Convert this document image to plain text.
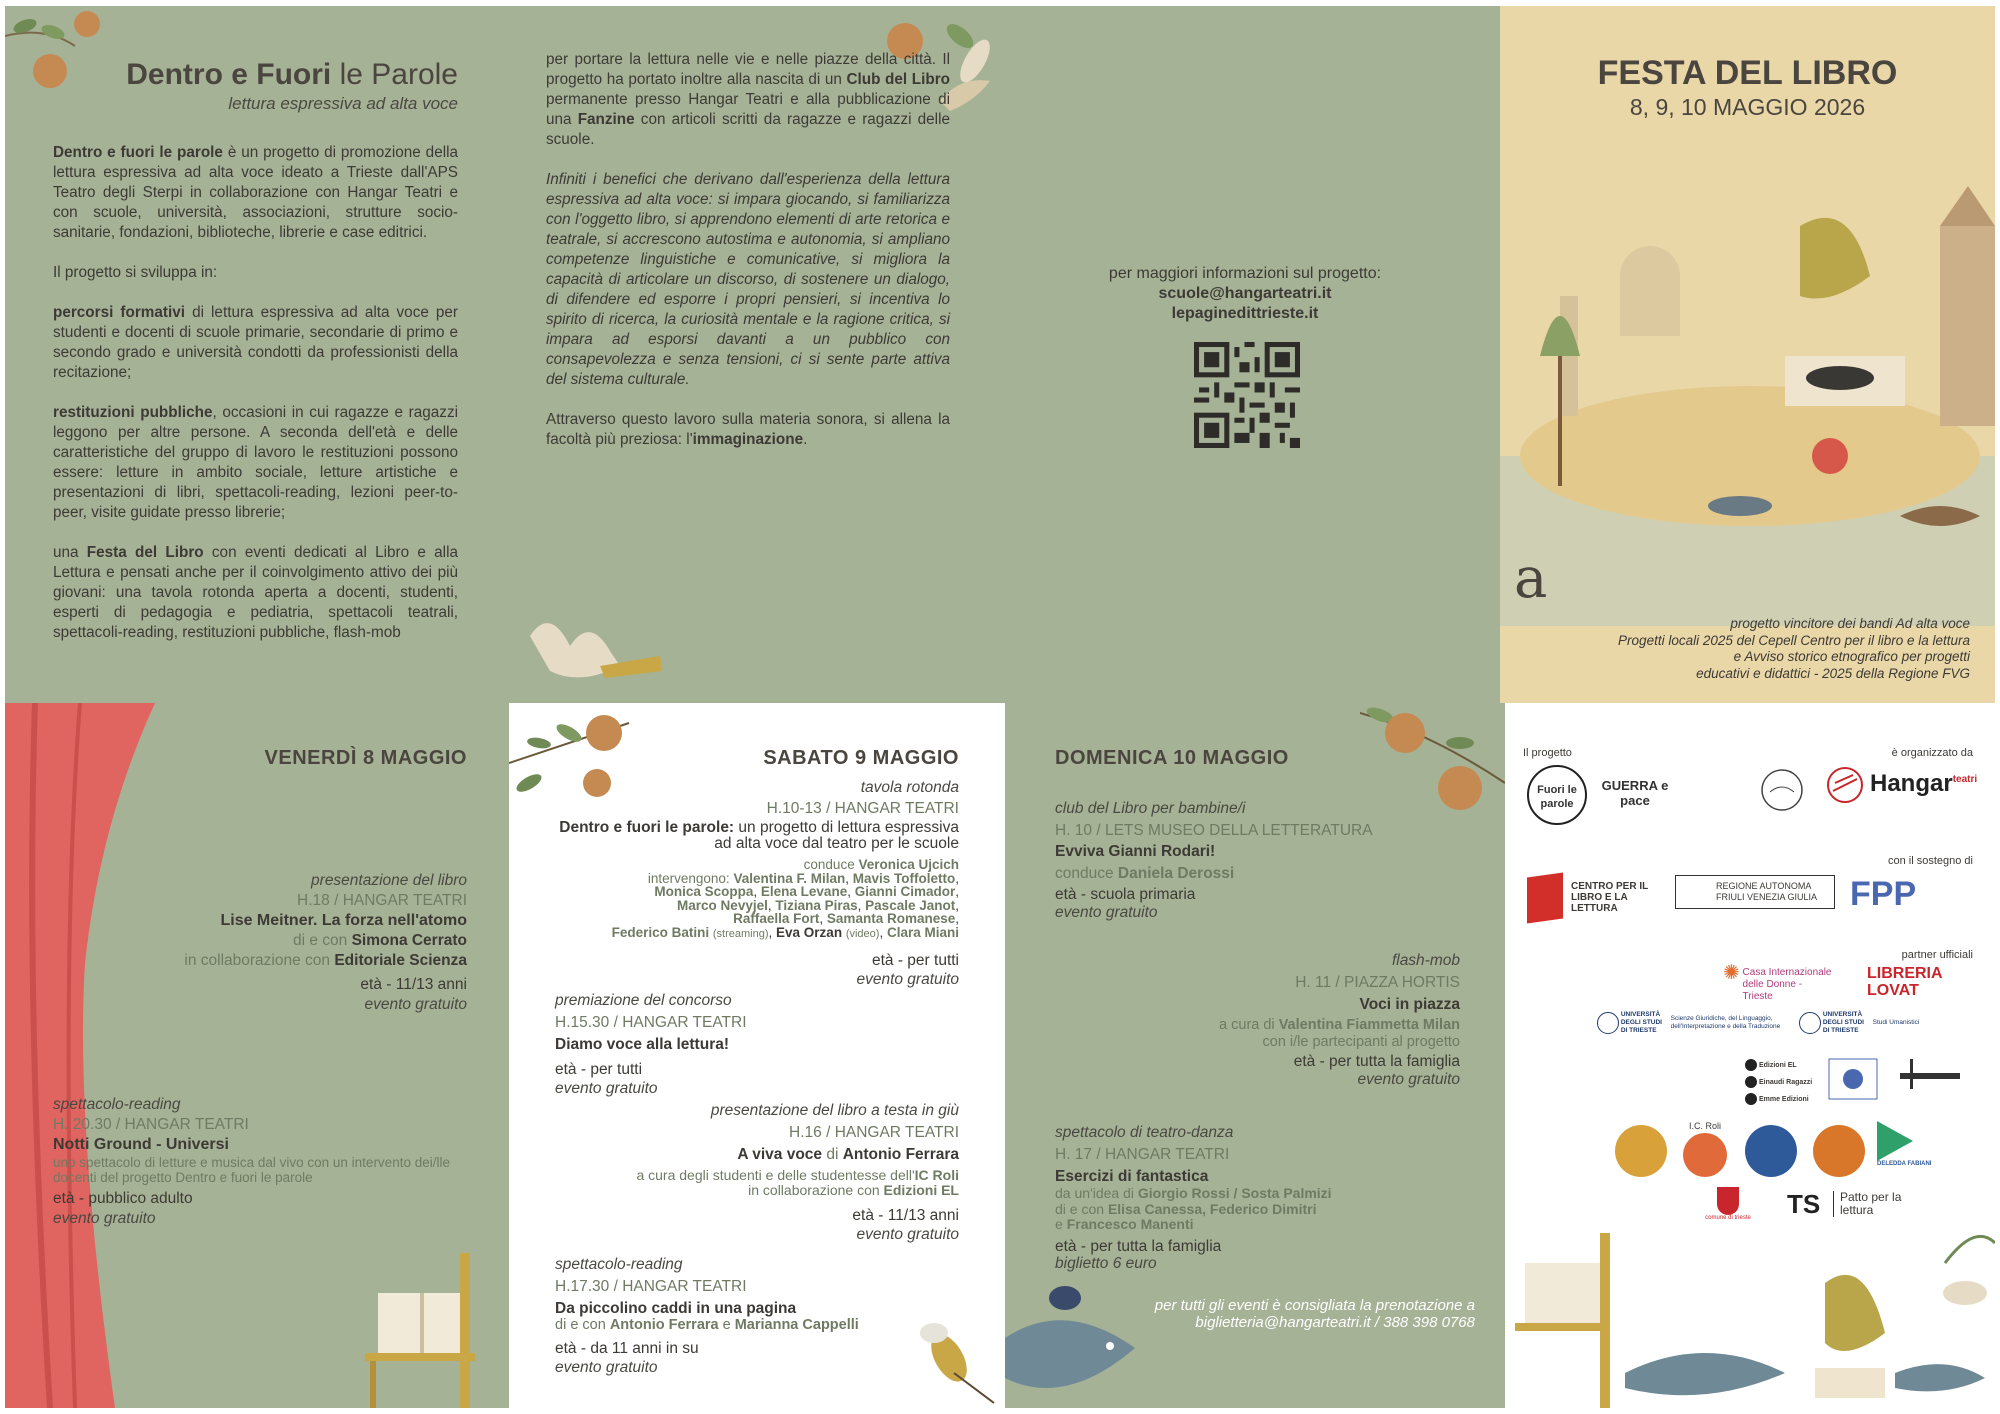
Dentro e Fuori le Parole
lettura espressiva ad alta voce

Dentro e fuori le parole è un progetto di promozione della lettura espressiva ad alta voce ideato a Trieste dall'APS Teatro degli Sterpi in collaborazione con Hangar Teatri e con scuole, università, associazioni, strutture socio-sanitarie, fondazioni, biblioteche, librerie e case editrici.

Il progetto si sviluppa in:

percorsi formativi di lettura espressiva ad alta voce per studenti e docenti di scuole primarie, secondarie di primo e secondo grado e università condotti da professionisti della recitazione;

restituzioni pubbliche, occasioni in cui ragazze e ragazzi leggono per altre persone. A seconda dell'età e delle caratteristiche del gruppo di lavoro le restituzioni possono essere: letture in ambito sociale, letture artistiche e presentazioni di libri, spettacoli-reading, lezioni peer-to-peer, visite guidate presso librerie;

una Festa del Libro con eventi dedicati al Libro e alla Lettura e pensati anche per il coinvolgimento attivo dei più giovani: una tavola rotonda aperta a docenti, studenti, esperti di pedagogia e pediatria, spettacoli teatrali, spettacoli-reading, restituzioni pubbliche, flash-mob

per portare la lettura nelle vie e nelle piazze della città. Il progetto ha portato inoltre alla nascita di un Club del Libro permanente presso Hangar Teatri e alla pubblicazione di una Fanzine con articoli scritti da ragazze e ragazzi delle scuole.

Infiniti i benefici che derivano dall'esperienza della lettura espressiva ad alta voce: si impara giocando, si familiarizza con l'oggetto libro, si apprendono elementi di arte retorica e teatrale, si accrescono autostima e autonomia, si ampliano competenze linguistiche e comunicative, si migliora la capacità di articolare un discorso, di sostenere un dialogo, di difendere ed esporre i propri pensieri, si incentiva lo spirito di ricerca, la curiosità mentale e la ragione critica, si impara ad esporsi davanti a un pubblico con consapevolezza e senza tensioni, ci si sente parte attiva del sistema culturale.

Attraverso questo lavoro sulla materia sonora, si allena la facoltà più preziosa: l'immaginazione.

per maggiori informazioni sul progetto:
scuole@hangarteatri.it
lepaginedittrieste.it
FESTA DEL LIBRO
8, 9, 10 MAGGIO 2026
a
progetto vincitore dei bandi Ad alta voce
Progetti locali 2025 del Cepell Centro per il libro e la lettura
e Avviso storico etnografico per progetti
educativi e didattici - 2025 della Regione FVG
VENERDÌ 8 MAGGIO
presentazione del libro
H.18 / HANGAR TEATRI
Lise Meitner. La forza nell'atomo
di e con Simona Cerrato
in collaborazione con Editoriale Scienza
età - 11/13 anni
evento gratuito
spettacolo-reading
H. 20.30 / HANGAR TEATRI
Notti Ground - Universi
uno spettacolo di letture e musica dal vivo con un intervento dei/lle docenti del progetto Dentro e fuori le parole
età - pubblico adulto
evento gratuito
SABATO 9 MAGGIO
tavola rotonda
H.10-13 / HANGAR TEATRI
Dentro e fuori le parole: un progetto di lettura espressiva ad alta voce dal teatro per le scuole
conduce Veronica Ujcich
intervengono: Valentina F. Milan, Mavis Toffoletto,
Monica Scoppa, Elena Levane, Gianni Cimador,
Marco Nevyjel, Tiziana Piras, Pascale Janot,
Raffaella Fort, Samanta Romanese,
Federico Batini (streaming), Eva Orzan (video), Clara Miani
età - per tutti
evento gratuito
premiazione del concorso
H.15.30 / HANGAR TEATRI
Diamo voce alla lettura!
età - per tutti
evento gratuito
presentazione del libro a testa in giù
H.16 / HANGAR TEATRI
A viva voce di Antonio Ferrara
a cura degli studenti e delle studentesse dell'IC Roli
in collaborazione con Edizioni EL
età - 11/13 anni
evento gratuito
spettacolo-reading
H.17.30 / HANGAR TEATRI
Da piccolino caddi in una pagina
di e con Antonio Ferrara e Marianna Cappelli
età - da 11 anni in su
evento gratuito
DOMENICA 10 MAGGIO
club del Libro per bambine/i
H. 10 / LETS MUSEO DELLA LETTERATURA
Evviva Gianni Rodari!
conduce Daniela Derossi
età - scuola primaria
evento gratuito
flash-mob
H. 11 / PIAZZA HORTIS
Voci in piazza
a cura di Valentina Fiammetta Milan
con i/le partecipanti al progetto
età - per tutta la famiglia
evento gratuito
spettacolo di teatro-danza
H. 17 / HANGAR TEATRI
Esercizi di fantastica
da un'idea di Giorgio Rossi / Sosta Palmizi
di e con Elisa Canessa, Federico Dimitri
e Francesco Manenti
età - per tutta la famiglia
biglietto 6 euro
per tutti gli eventi è consigliata la prenotazione a
biglietteria@hangarteatri.it / 388 398 0768
Il progetto	è organizzato da
Fuori le parole
GUERRA e pace
Hangar$^{teatri}$
con il sostegno di
CENTRO PER IL LIBRO E LA LETTURA
REGIONE AUTONOMA FRIULI VENEZIA GIULIA FPP
partner ufficiali
✺ Casa Internazionale delle Donne - Trieste
LIBRERIA LOVAT
UNIVERSITÀ DEGLI STUDI DI TRIESTE Scienze Giuridiche, del Linguaggio, dell'Interpretazione e della Traduzione
UNIVERSITÀ DEGLI STUDI DI TRIESTE Studi Umanistici
Edizioni EL
Einaudi Ragazzi
Emme Edizioni
I.C. Roli
DELEDDA FABIANI
comune di trieste TS	Patto per la lettura
